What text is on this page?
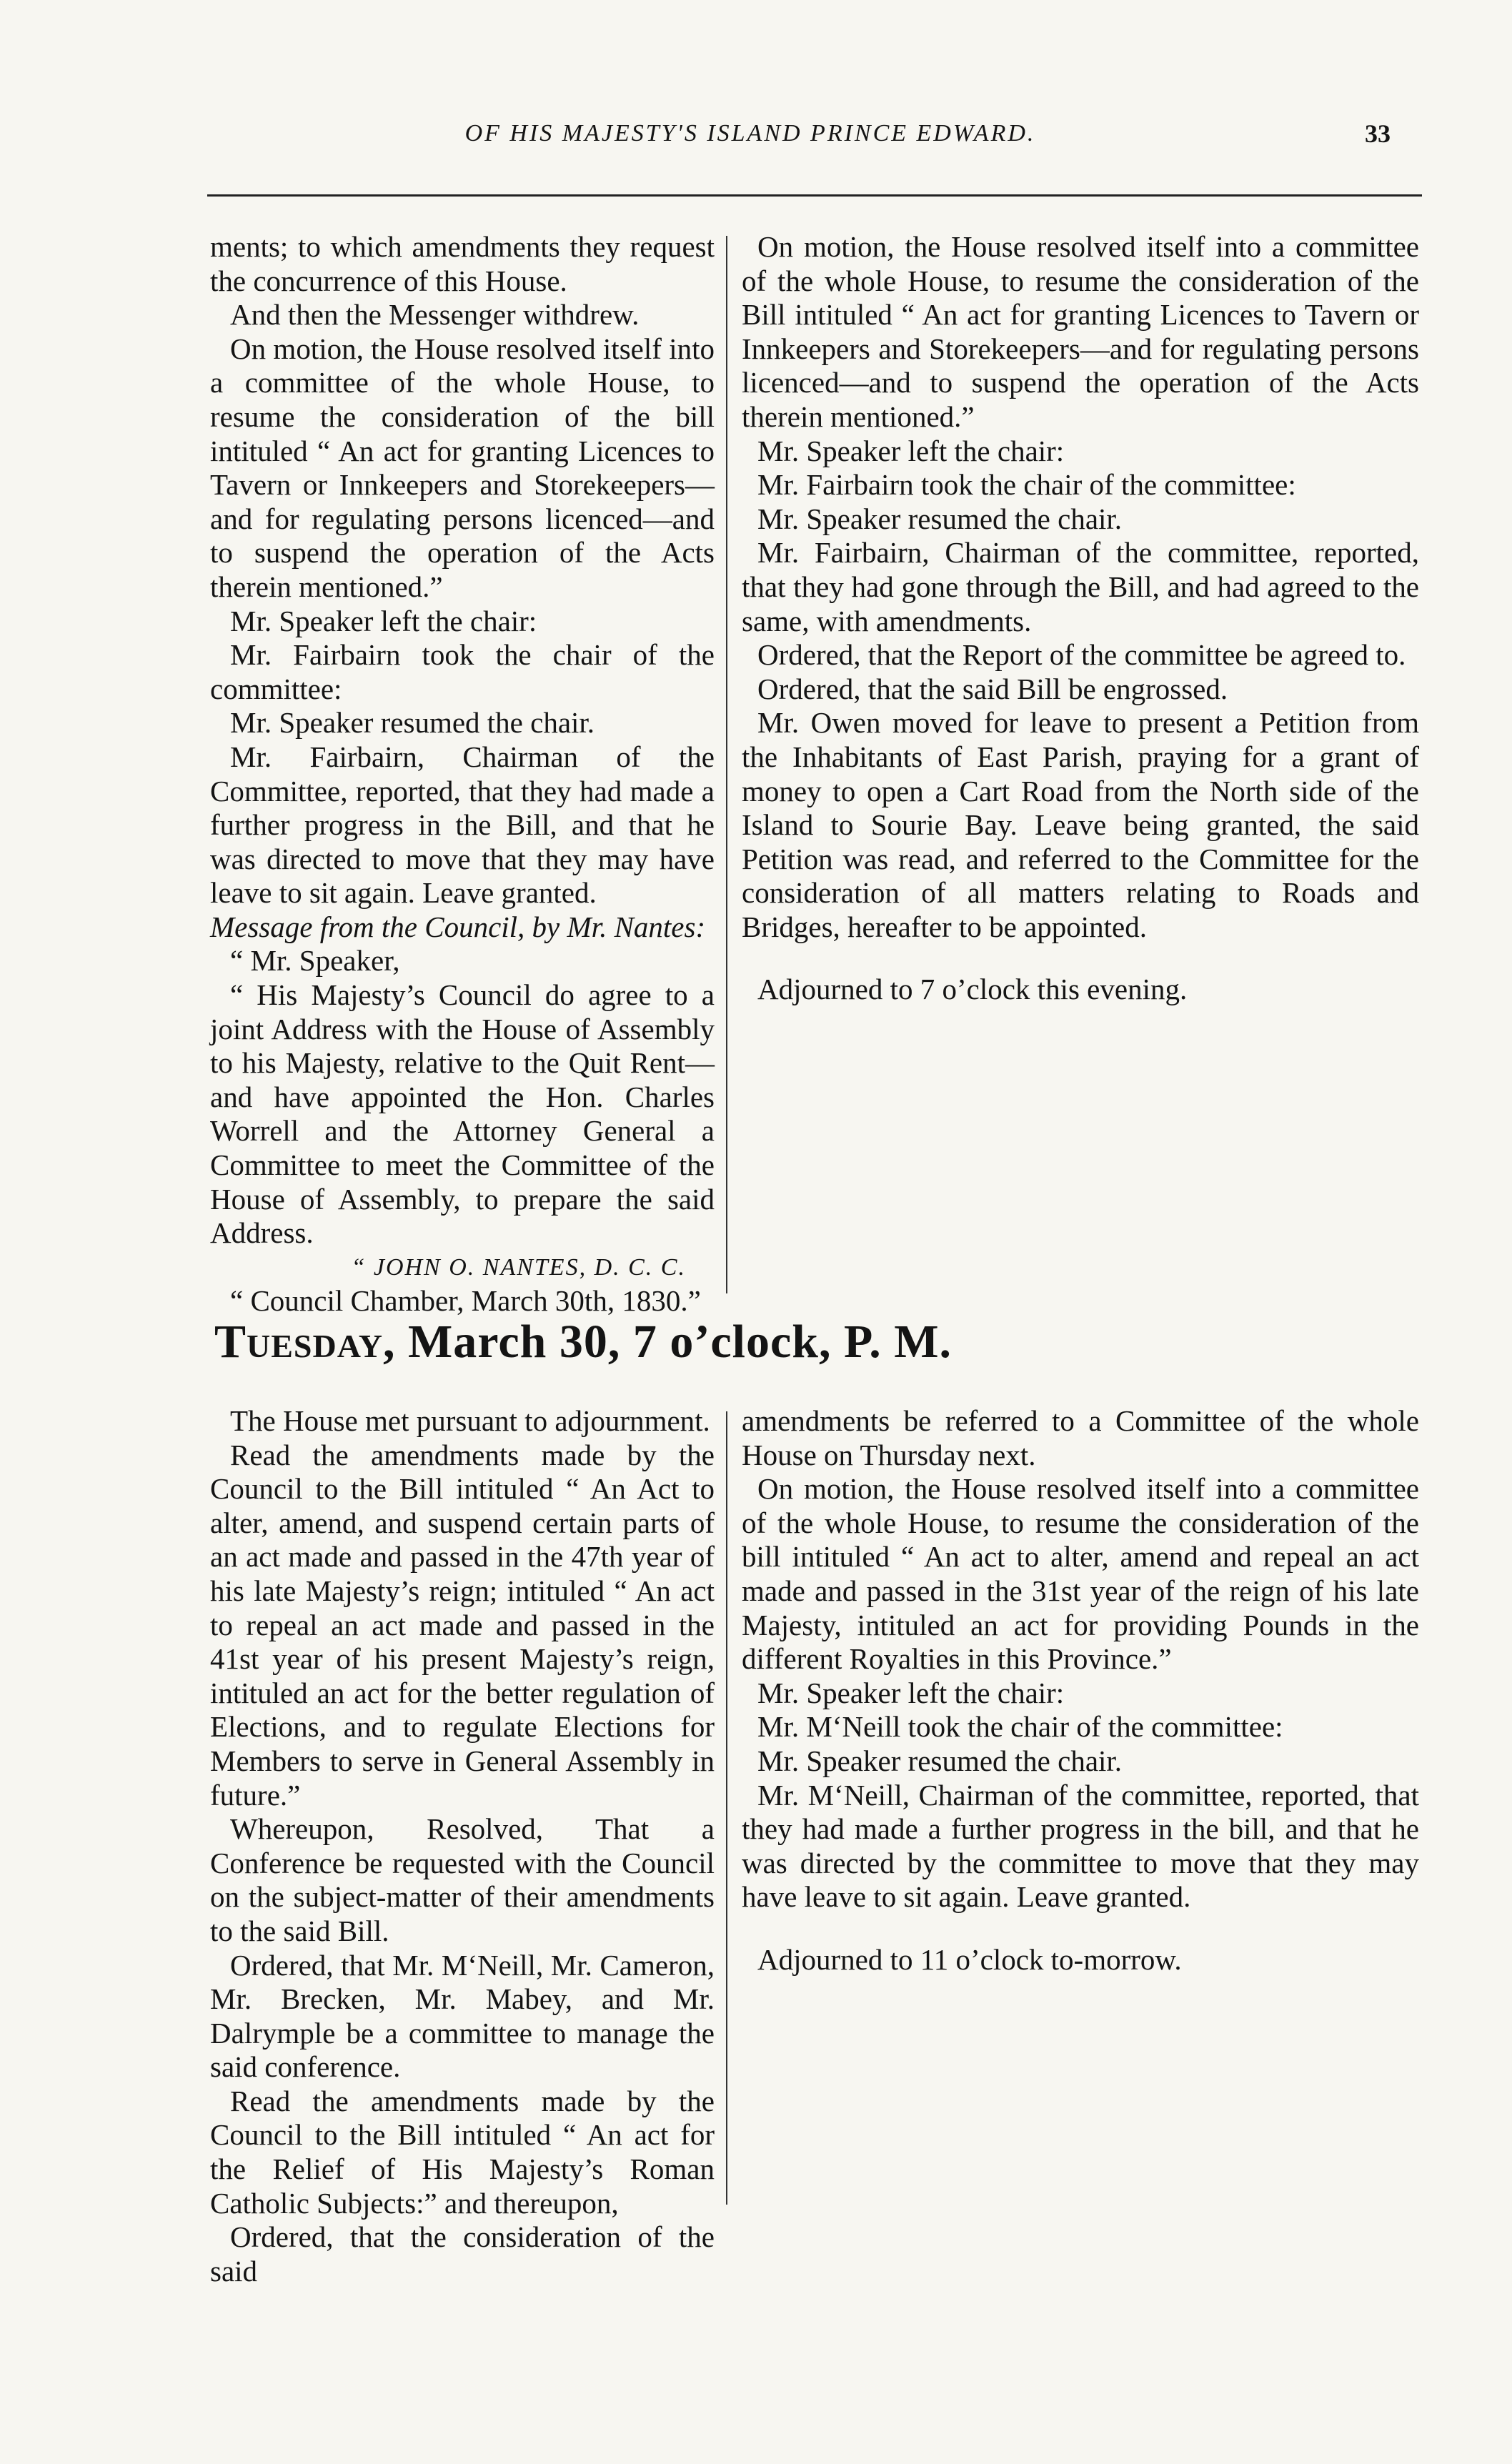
OF HIS MAJESTY'S ISLAND PRINCE EDWARD.	33

ments; to which amendments they request the concurrence of this House.

And then the Messenger withdrew.

On motion, the House resolved itself into a committee of the whole House, to resume the consideration of the bill intituled “ An act for granting Licences to Tavern or Innkeepers and Storekeepers—and for regulating persons licenced—and to suspend the operation of the Acts therein mentioned.”

Mr. Speaker left the chair:

Mr. Fairbairn took the chair of the committee:

Mr. Speaker resumed the chair.

Mr. Fairbairn, Chairman of the Committee, reported, that they had made a further progress in the Bill, and that he was directed to move that they may have leave to sit again. Leave granted.

Message from the Council, by Mr. Nantes:

“ Mr. Speaker,

“ His Majesty’s Council do agree to a joint Address with the House of Assembly to his Majesty, relative to the Quit Rent—and have appointed the Hon. Charles Worrell and the Attorney General a Committee to meet the Committee of the House of Assembly, to prepare the said Address.

“ JOHN O. NANTES, D. C. C.

“ Council Chamber, March 30th, 1830.”

On motion, the House resolved itself into a committee of the whole House, to resume the consideration of the Bill intituled “ An act for granting Licences to Tavern or Innkeepers and Storekeepers—and for regulating persons licenced—and to suspend the operation of the Acts therein mentioned.”

Mr. Speaker left the chair:

Mr. Fairbairn took the chair of the committee:

Mr. Speaker resumed the chair.

Mr. Fairbairn, Chairman of the committee, reported, that they had gone through the Bill, and had agreed to the same, with amendments.

Ordered, that the Report of the committee be agreed to.

Ordered, that the said Bill be engrossed.

Mr. Owen moved for leave to present a Petition from the Inhabitants of East Parish, praying for a grant of money to open a Cart Road from the North side of the Island to Sourie Bay. Leave being granted, the said Petition was read, and referred to the Committee for the consideration of all matters relating to Roads and Bridges, hereafter to be appointed.

Adjourned to 7 o’clock this evening.

Tuesday, March 30, 7 o’clock, P. M.

The House met pursuant to adjournment.

Read the amendments made by the Council to the Bill intituled “ An Act to alter, amend, and suspend certain parts of an act made and passed in the 47th year of his late Majesty’s reign; intituled “ An act to repeal an act made and passed in the 41st year of his present Majesty’s reign, intituled an act for the better regulation of Elections, and to regulate Elections for Members to serve in General Assembly in future.”

Whereupon, Resolved, That a Conference be requested with the Council on the subject-matter of their amendments to the said Bill.

Ordered, that Mr. M‘Neill, Mr. Cameron, Mr. Brecken, Mr. Mabey, and Mr. Dalrymple be a committee to manage the said conference.

Read the amendments made by the Council to the Bill intituled “ An act for the Relief of His Majesty’s Roman Catholic Subjects:” and thereupon,

Ordered, that the consideration of the said

amendments be referred to a Committee of the whole House on Thursday next.

On motion, the House resolved itself into a committee of the whole House, to resume the consideration of the bill intituled “ An act to alter, amend and repeal an act made and passed in the 31st year of the reign of his late Majesty, intituled an act for providing Pounds in the different Royalties in this Province.”

Mr. Speaker left the chair:

Mr. M‘Neill took the chair of the committee:

Mr. Speaker resumed the chair.

Mr. M‘Neill, Chairman of the committee, reported, that they had made a further progress in the bill, and that he was directed by the committee to move that they may have leave to sit again. Leave granted.

Adjourned to 11 o’clock to-morrow.
